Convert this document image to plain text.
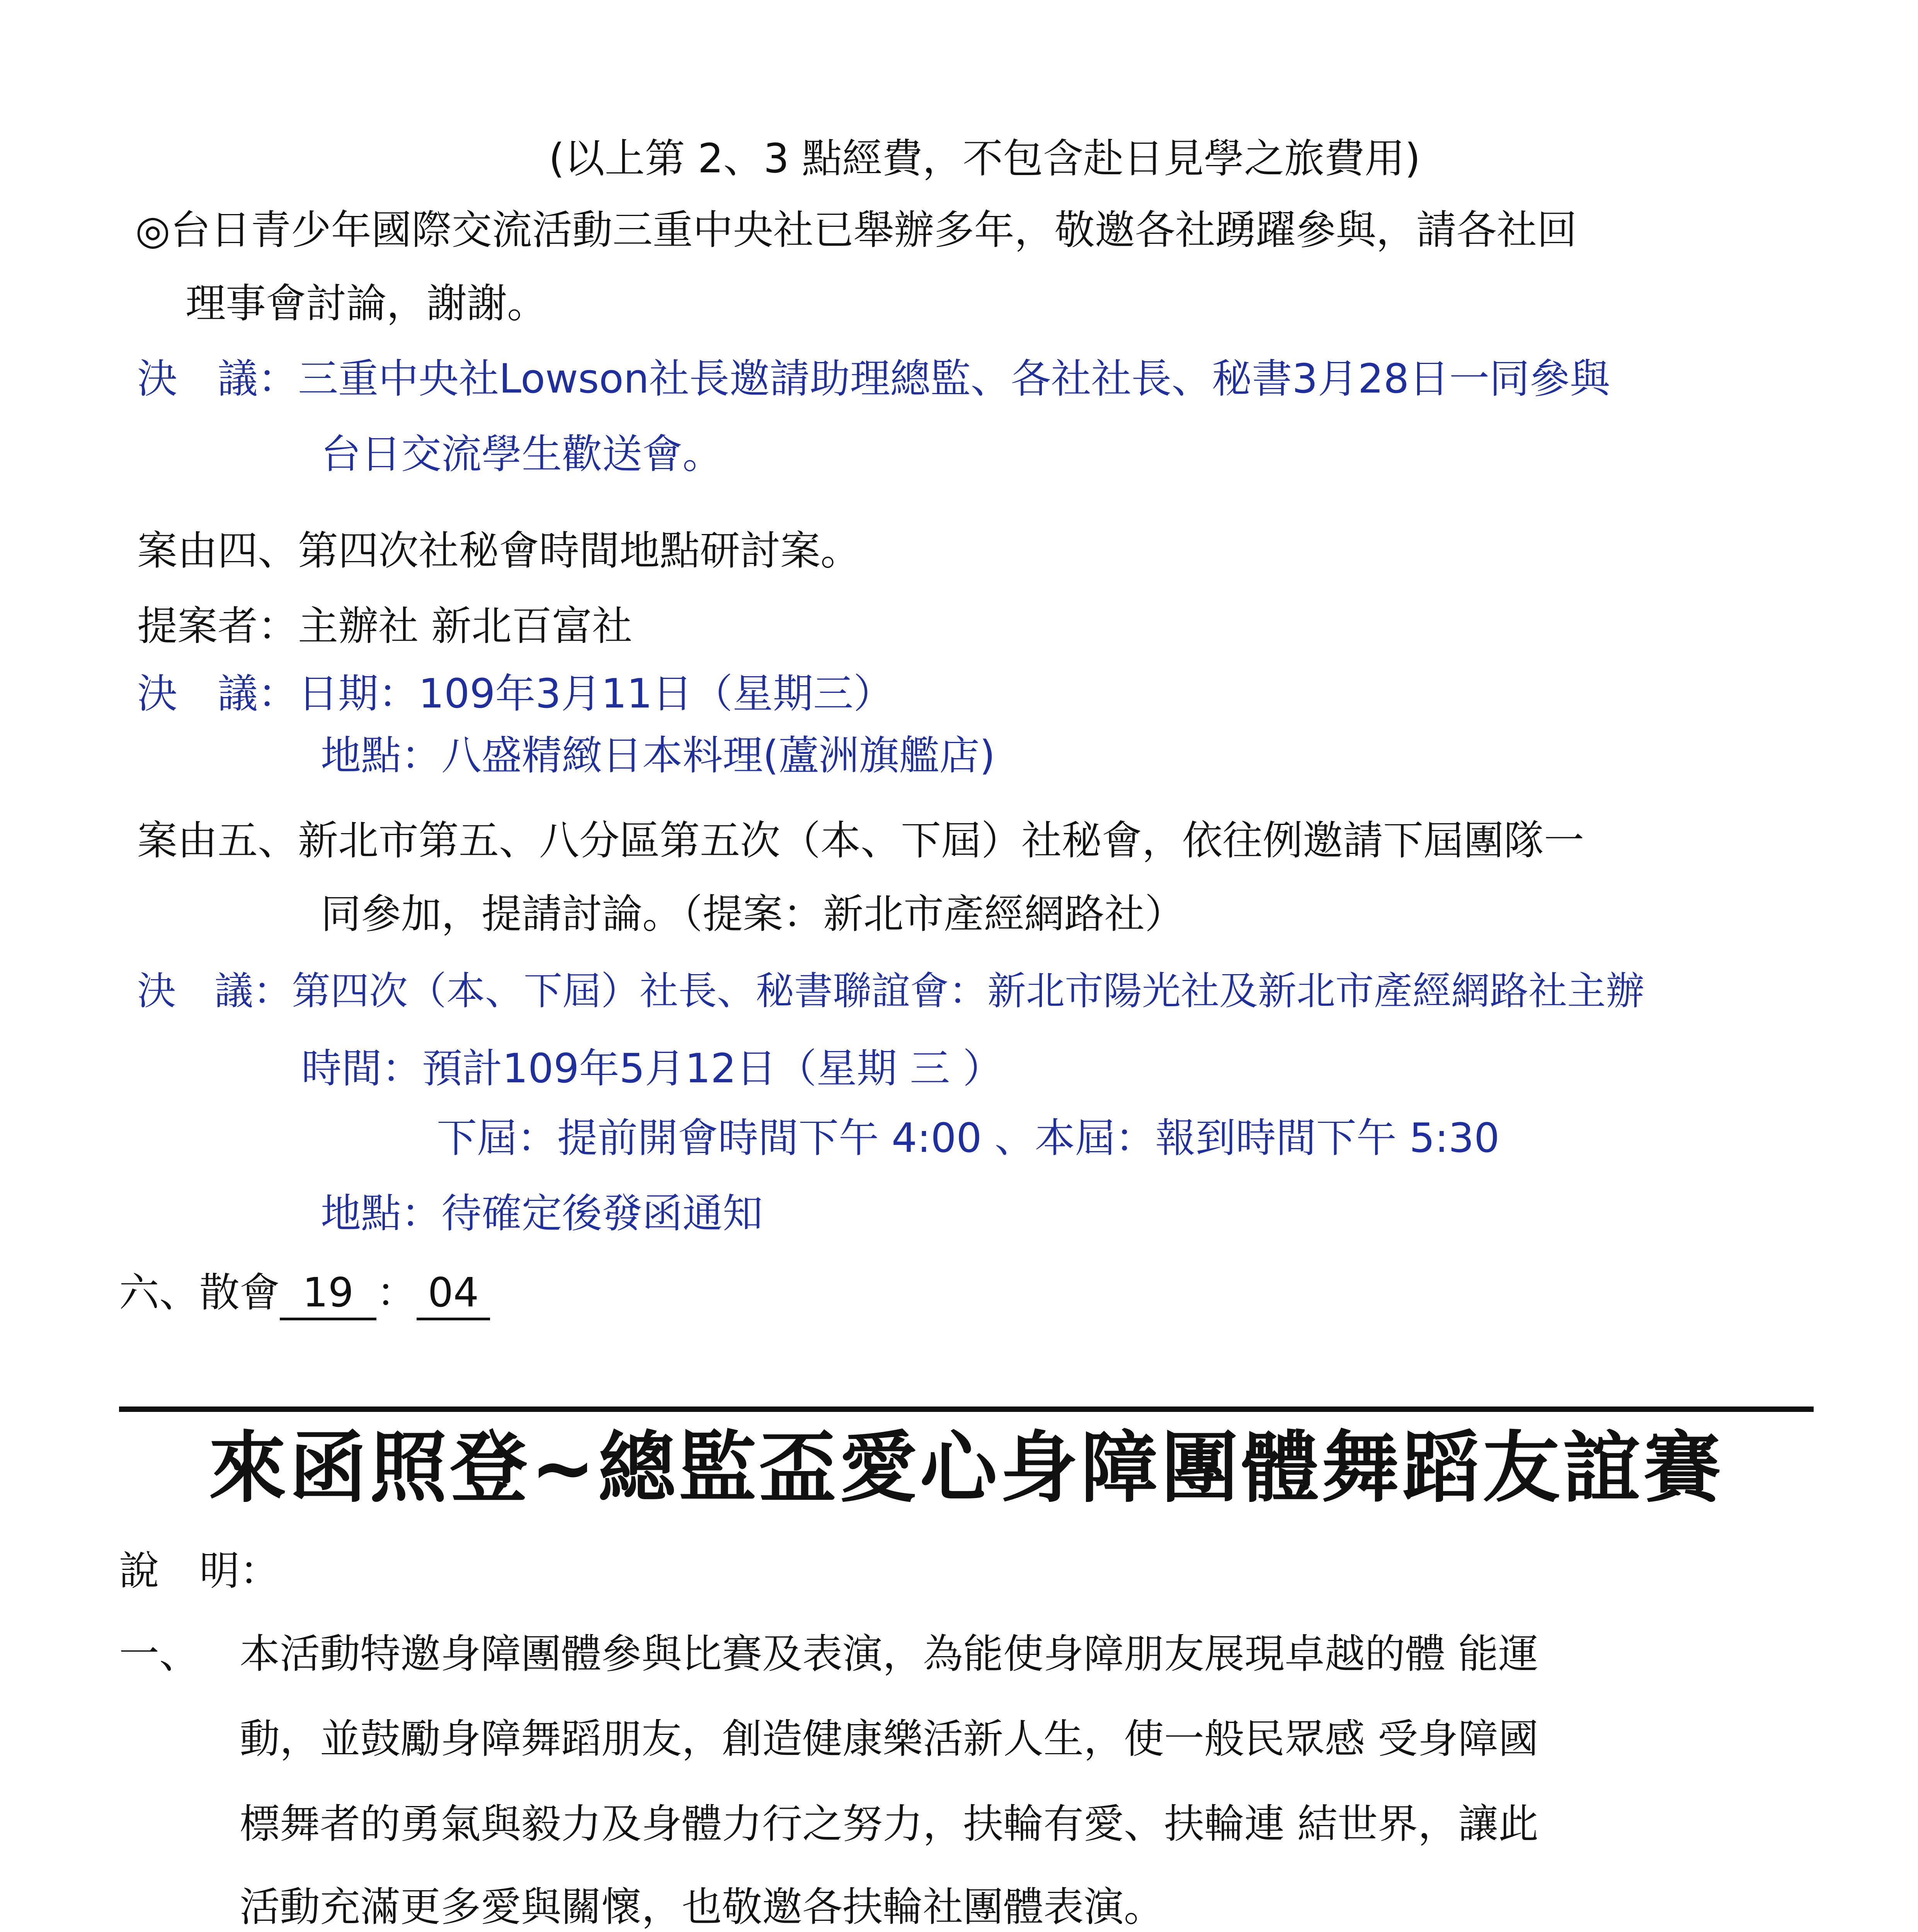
(以上第 2、3 點經費，不包含赴日見學之旅費用)
◎台日青少年國際交流活動三重中央社已舉辦多年，敬邀各社踴躍參與，請各社回
理事會討論，謝謝。
決　議：三重中央社Lowson社長邀請助理總監、各社社長、秘書3月28日一同參與
台日交流學生歡送會。
案由四、第四次社秘會時間地點研討案。
提案者：主辦社 新北百富社
決　議：日期：109年3月11日（星期三）
地點：八盛精緻日本料理(蘆洲旗艦店)
案由五、新北市第五、八分區第五次（本、下屆）社秘會，依往例邀請下屆團隊一
同參加，提請討論。（提案：新北市產經網路社）
決　議：第四次（本、下屆）社長、秘書聯誼會：新北市陽光社及新北市產經網路社主辦
時間：預計109年5月12日（星期 三 ）
下屆：提前開會時間下午 4:00 、本屆：報到時間下午 5:30
地點：待確定後發函通知
六、散會 19 ： 04
來函照登~總監盃愛心身障團體舞蹈友誼賽
說　明：
一、 本活動特邀身障團體參與比賽及表演，為能使身障朋友展現卓越的體 能運
動，並鼓勵身障舞蹈朋友，創造健康樂活新人生，使一般民眾感 受身障國
標舞者的勇氣與毅力及身體力行之努力，扶輪有愛、扶輪連 結世界，讓此
活動充滿更多愛與關懷，也敬邀各扶輪社團體表演。
